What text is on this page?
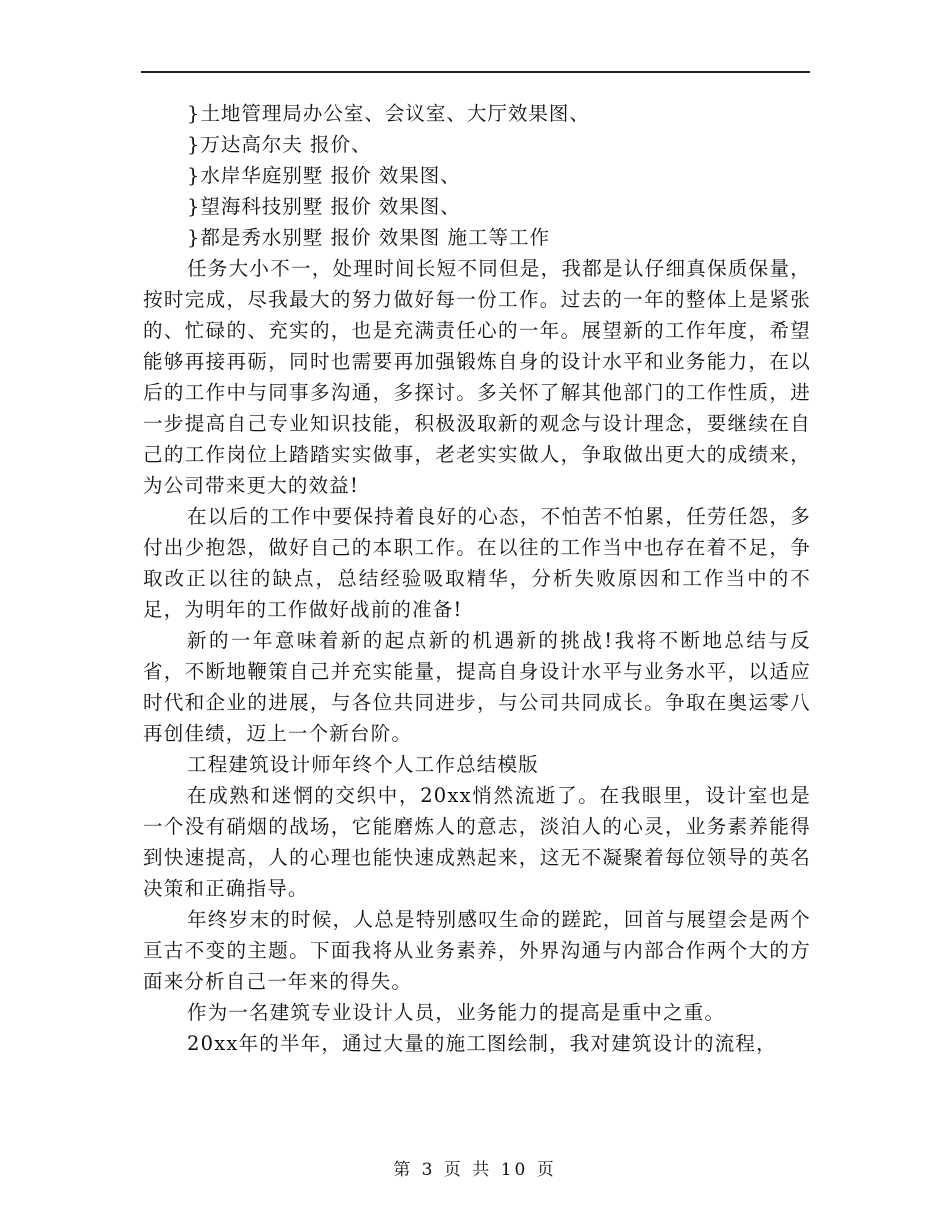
}土地管理局办公室、会议室、大厅效果图、
}万达高尔夫 报价、
}水岸华庭别墅 报价 效果图、
}望海科技别墅 报价 效果图、
}都是秀水别墅 报价 效果图 施工等工作

任务大小不一，处理时间长短不同但是，我都是认仔细真保质保量，按时完成，尽我最大的努力做好每一份工作。过去的一年的整体上是紧张的、忙碌的、充实的，也是充满责任心的一年。展望新的工作年度，希望能够再接再砺，同时也需要再加强锻炼自身的设计水平和业务能力，在以后的工作中与同事多沟通，多探讨。多关怀了解其他部门的工作性质，进一步提高自己专业知识技能，积极汲取新的观念与设计理念，要继续在自己的工作岗位上踏踏实实做事，老老实实做人，争取做出更大的成绩来，为公司带来更大的效益!

在以后的工作中要保持着良好的心态，不怕苦不怕累，任劳任怨，多付出少抱怨，做好自己的本职工作。在以往的工作当中也存在着不足，争取改正以往的缺点，总结经验吸取精华，分析失败原因和工作当中的不足，为明年的工作做好战前的准备!

新的一年意味着新的起点新的机遇新的挑战!我将不断地总结与反省，不断地鞭策自己并充实能量，提高自身设计水平与业务水平，以适应时代和企业的进展，与各位共同进步，与公司共同成长。争取在奥运零八再创佳绩，迈上一个新台阶。

工程建筑设计师年终个人工作总结模版

在成熟和迷惘的交织中，20xx悄然流逝了。在我眼里，设计室也是一个没有硝烟的战场，它能磨炼人的意志，淡泊人的心灵，业务素养能得到快速提高，人的心理也能快速成熟起来，这无不凝聚着每位领导的英名决策和正确指导。

年终岁末的时候，人总是特别感叹生命的蹉跎，回首与展望会是两个亘古不变的主题。下面我将从业务素养，外界沟通与内部合作两个大的方面来分析自己一年来的得失。

作为一名建筑专业设计人员，业务能力的提高是重中之重。

20xx年的半年，通过大量的施工图绘制，我对建筑设计的流程，

第 3 页 共 10 页
